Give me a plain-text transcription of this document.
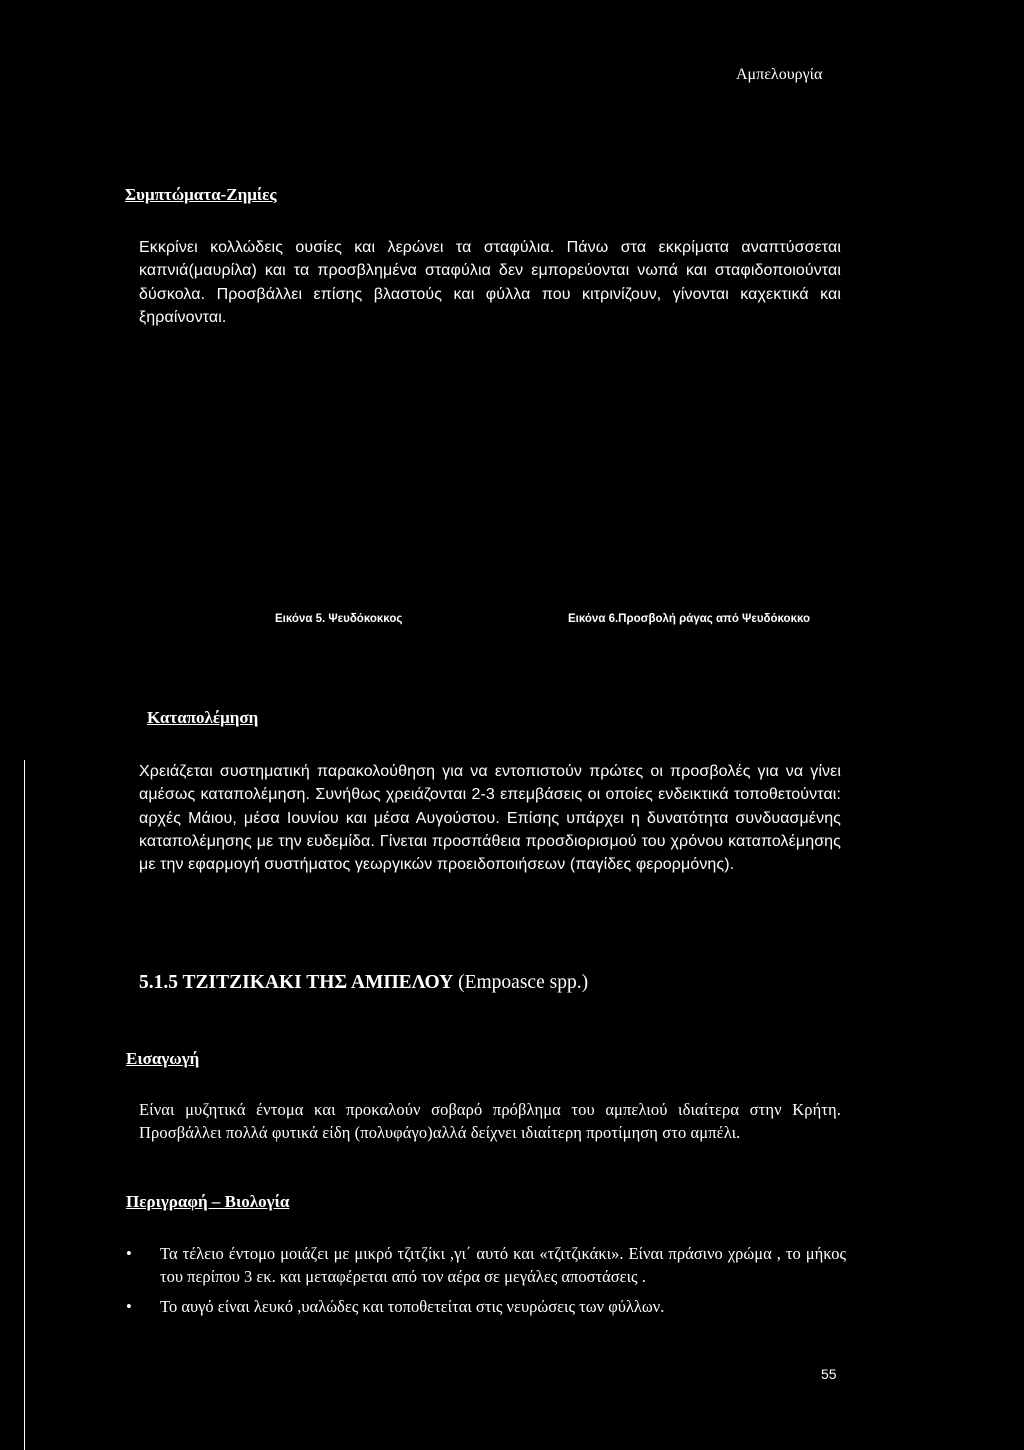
Αμπελουργία
Συμπτώματα-Ζημίες
Εκκρίνει κολλώδεις ουσίες και λερώνει τα σταφύλια. Πάνω στα εκκρίματα αναπτύσσεται καπνιά(μαυρίλα) και τα προσβλημένα σταφύλια δεν εμπορεύονται νωπά και σταφιδοποιούνται δύσκολα. Προσβάλλει επίσης βλαστούς και φύλλα που κιτρινίζουν, γίνονται καχεκτικά και ξηραίνονται.
Εικόνα 5. Ψευδόκοκκος	Εικόνα 6.Προσβολή ράγας από Ψευδόκοκκο
Καταπολέμηση
Χρειάζεται συστηματική παρακολούθηση για να εντοπιστούν πρώτες οι προσβολές για να γίνει αμέσως καταπολέμηση. Συνήθως χρειάζονται 2-3 επεμβάσεις οι οποίες ενδεικτικά τοποθετούνται: αρχές Μάιου, μέσα Ιουνίου και μέσα Αυγούστου. Επίσης υπάρχει η δυνατότητα συνδυασμένης καταπολέμησης με την ευδεμίδα. Γίνεται προσπάθεια προσδιορισμού του χρόνου καταπολέμησης με την εφαρμογή συστήματος γεωργικών προειδοποιήσεων (παγίδες φερορμόνης).
5.1.5 ΤΖΙΤΖΙΚΑΚΙ ΤΗΣ ΑΜΠΕΛΟΥ (Empoasce spp.)
Εισαγωγή
Είναι μυζητικά έντομα και προκαλούν σοβαρό πρόβλημα του αμπελιού ιδιαίτερα στην Κρήτη. Προσβάλλει πολλά φυτικά είδη (πολυφάγο)αλλά δείχνει ιδιαίτερη προτίμηση στο αμπέλι.
Περιγραφή – Βιολογία
• Τα τέλειο έντομο μοιάζει με μικρό τζιτζίκι ,γι΄ αυτό και «τζιτζικάκι». Είναι πράσινο χρώμα , το μήκος του περίπου 3 εκ. και μεταφέρεται από τον αέρα σε μεγάλες αποστάσεις .
• Το αυγό είναι λευκό ,υαλώδες και τοποθετείται στις νευρώσεις των φύλλων.
55
